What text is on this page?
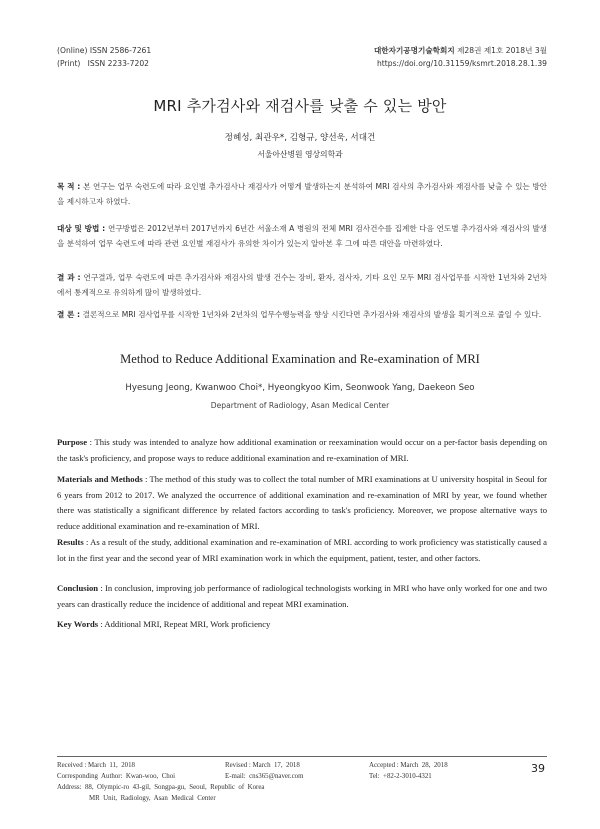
(Online) ISSN 2586-7261
(Print)   ISSN 2233-7202
대한자기공명기술학회지 제28권 제1호 2018년 3월
https://doi.org/10.31159/ksmrt.2018.28.1.39
MRI 추가검사와 재검사를 낮출 수 있는 방안
정혜성, 최관우*, 김형규, 양선욱, 서대건
서울아산병원 영상의학과
목 적 : 본 연구는 업무 숙련도에 따라 요인별 추가검사나 재검사가 어떻게 발생하는지 분석하여 MRI 검사의 추가검사와 재검사를 낮출 수 있는 방안을 제시하고자 하였다.
대상 및 방법 : 연구방법은 2012년부터 2017년까지 6년간 서울소재 A 병원의 전체 MRI 검사건수를 집계한 다음 연도별 추가검사와 재검사의 발생을 분석하여 업무 숙련도에 따라 관련 요인별 재검사가 유의한 차이가 있는지 알아본 후 그에 따른 대안을 마련하였다.
결 과 : 연구결과, 업무 숙련도에 따른 추가검사와 재검사의 발생 건수는 장비, 환자, 검사자, 기타 요인 모두 MRI 검사업무를 시작한 1년차와 2년차에서 통계적으로 유의하게 많이 발생하였다.
결 론 : 결론적으로 MRI 검사업무를 시작한 1년차와 2년차의 업무수행능력을 향상 시킨다면 추가검사와 재검사의 발생을 획기적으로 줄일 수 있다.
Method to Reduce Additional Examination and Re-examination of MRI
Hyesung Jeong, Kwanwoo Choi*, Hyeongkyoo Kim, Seonwook Yang, Daekeon Seo
Department of Radiology, Asan Medical Center
Purpose : This study was intended to analyze how additional examination or reexamination would occur on a per-factor basis depending on the task's proficiency, and propose ways to reduce additional examination and re-examination of MRI.
Materials and Methods : The method of this study was to collect the total number of MRI examinations at U university hospital in Seoul for 6 years from 2012 to 2017. We analyzed the occurrence of additional examination and re-examination of MRI by year, we found whether there was statistically a significant difference by related factors according to task's proficiency. Moreover, we propose alternative ways to reduce additional examination and re-examination of MRI.
Results : As a result of the study, additional examination and re-examination of MRI. according to work proficiency was statistically caused a lot in the first year and the second year of MRI examination work in which the equipment, patient, tester, and other factors.
Conclusion : In conclusion, improving job performance of radiological technologists working in MRI who have only worked for one and two years can drastically reduce the incidence of additional and repeat MRI examination.
Key Words : Additional MRI, Repeat MRI, Work proficiency
Received : March  11,  2018	Revised : March  17,  2018	Accepted : March  28,  2018
Corresponding  Author:  Kwan-woo,  Choi	E-mail:  cns365@naver.com	Tel:  +82-2-3010-4321
Address:  88,  Olympic-ro  43-gil,  Songpa-gu,  Seoul,  Republic  of  Korea
MR  Unit,  Radiology,  Asan  Medical  Center
39
